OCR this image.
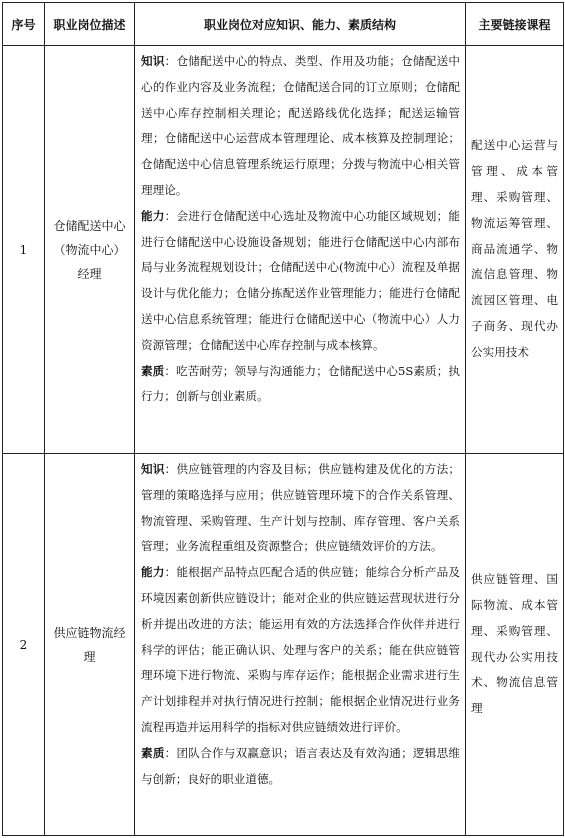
序号	职业岗位描述	职业岗位对应知识、能力、素质结构	主要链接课程
1	仓储配送中心（物流中心）经理	知识：仓储配送中心的特点、类型、作用及功能；仓储配送中心的作业内容及业务流程；仓储配送合同的订立原则；仓储配送中心库存控制相关理论；配送路线优化选择；配送运输管理；仓储配送中心运营成本管理理论、成本核算及控制理论；仓储配送中心信息管理系统运行原理；分拨与物流中心相关管理理论。
能力：会进行仓储配送中心选址及物流中心功能区域规划；能进行仓储配送中心设施设备规划；能进行仓储配送中心内部布局与业务流程规划设计；仓储配送中心(物流中心）流程及单据设计与优化能力；仓储分拣配送作业管理能力；能进行仓储配送中心信息系统管理；能进行仓储配送中心（物流中心）人力资源管理；仓储配送中心库存控制与成本核算。
素质：吃苦耐劳；领导与沟通能力；仓储配送中心5S素质；执行力；创新与创业素质。	配送中心运营与管理、成本管理、采购管理、物流运筹管理、商品流通学、物流信息管理、物流园区管理、电子商务、现代办公实用技术
2	供应链物流经理	知识：供应链管理的内容及目标；供应链构建及优化的方法；管理的策略选择与应用；供应链管理环境下的合作关系管理、物流管理、采购管理、生产计划与控制、库存管理、客户关系管理；业务流程重组及资源整合；供应链绩效评价的方法。
能力：能根据产品特点匹配合适的供应链；能综合分析产品及环境因素创新供应链设计；能对企业的供应链运营现状进行分析并提出改进的方法；能运用有效的方法选择合作伙伴并进行科学的评估；能正确认识、处理与客户的关系；能在供应链管理环境下进行物流、采购与库存运作；能根据企业需求进行生产计划排程并对执行情况进行控制；能根据企业情况进行业务流程再造并运用科学的指标对供应链绩效进行评价。
素质：团队合作与双赢意识；语言表达及有效沟通；逻辑思维与创新；良好的职业道德。	供应链管理、国际物流、成本管理、采购管理、现代办公实用技术、物流信息管理
